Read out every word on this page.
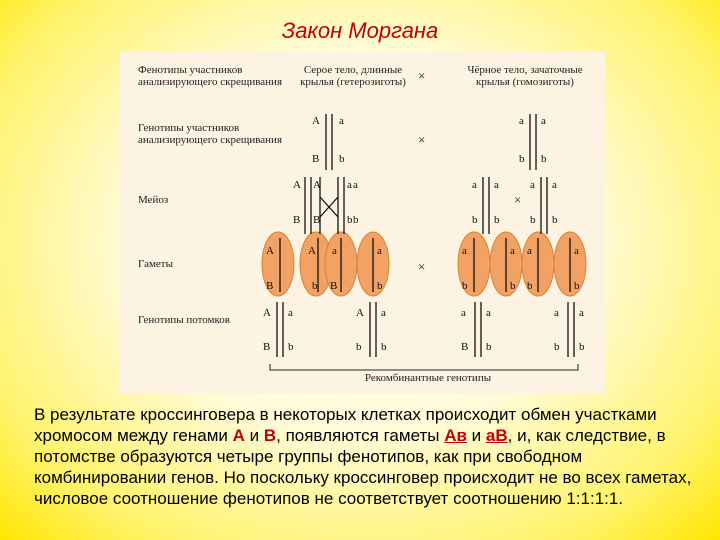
Закон Моргана
Фенотипы участников анализирующего скрещивания
Генотипы участников анализирующего скрещивания
Мейоз
Гаметы
Генотипы потомков
Серое тело, длинные крылья (гетерозиготы)
Чёрное тело, зачаточные крылья (гомозиготы)
Рекомбинантные генотипы
×
×
×
×
A a
B b
a a
b b
A A a a
B B b b
a a	a a
b b	b b
A
B
A
b
a
B
a
b
a
b
a
b
a
b
a
b
A a
B b
A a
b b
a a
B b
a a
b b
В результате кроссинговера в некоторых клетках происходит обмен участками хромосом между генами А и В, появляются гаметы Ав и аВ, и, как следствие, в потомстве образуются четыре группы фенотипов, как при свободном комбинировании генов. Но поскольку кроссинговер происходит не во всех гаметах, числовое соотношение фенотипов не соответствует соотношению 1:1:1:1.
